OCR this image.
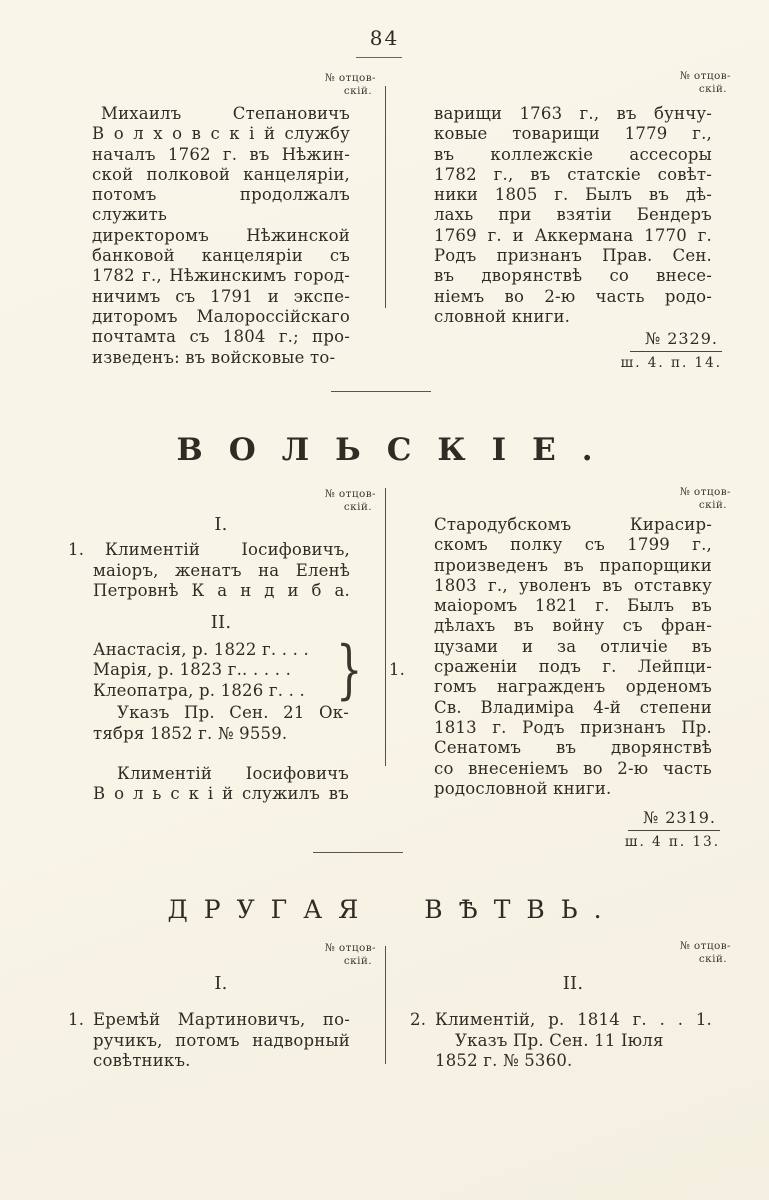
84
№ отцов-
скій.
№ отцов-
скій.
Михаилъ Степановичъ
В о л х о в с к і й службу
началъ 1762 г. въ Нѣжин-
ской полковой канцеляріи,
потомъ продолжалъ служить
директоромъ Нѣжинской
банковой канцеляріи съ
1782 г., Нѣжинскимъ город-
ничимъ съ 1791 и экспе-
диторомъ Малороссійскаго
почтамта съ 1804 г.; про-
изведенъ: въ войсковые то-
варищи 1763 г., въ бунчу-
ковые товарищи 1779 г.,
въ коллежскіе ассесоры
1782 г., въ статскіе совѣт-
ники 1805 г. Былъ въ дѣ-
лахь при взятіи Бендеръ
1769 г. и Аккермана 1770 г.
Родъ признанъ Прав. Сен.
въ дворянствѣ со внесе-
ніемъ во 2-ю часть родо-
словной книги.
№ 2329.
ш. 4. п. 14.
ВОЛЬСКІЕ.
№ отцов-
скій.
№ отцов-
скій.
I.
1.	Климентій Іосифовичъ,
маіоръ, женатъ на Еленѣ
Петровнѣ К а н д и б а.
II.
Анастасія, р. 1822 г. . . .
Марія, р. 1823 г.. . . . .
Клеопатра, р. 1826 г. . . } 1.
Указъ Пр. Сен. 21 Ок-
тября 1852 г. № 9559.
Климентій Іосифовичъ
В о л ь с к і й служилъ въ
Стародубскомъ Кирасир-
скомъ полку съ 1799 г.,
произведенъ въ прапорщики
1803 г., уволенъ въ отставку
маіоромъ 1821 г. Былъ въ
дѣлахъ въ войну съ фран-
цузами и за отличіе въ
сраженіи подъ г. Лейпци-
гомъ награжденъ орденомъ
Св. Владиміра 4-й степени
1813 г. Родъ признанъ Пр.
Сенатомъ въ дворянствѣ
со внесеніемъ во 2-ю часть
родословной книги.
№ 2319.
ш. 4 п. 13.
ДРУГАЯ ВѢТВЬ.
№ отцов-
скій.
№ отцов-
скій.
I.
1. Еремѣй Мартиновичъ, по-
ручикъ, потомъ надворный
совѣтникъ.
II.
2. Климентій, р. 1814 г. . . 1.
Указъ Пр. Сен. 11 Іюля
1852 г. № 5360.
